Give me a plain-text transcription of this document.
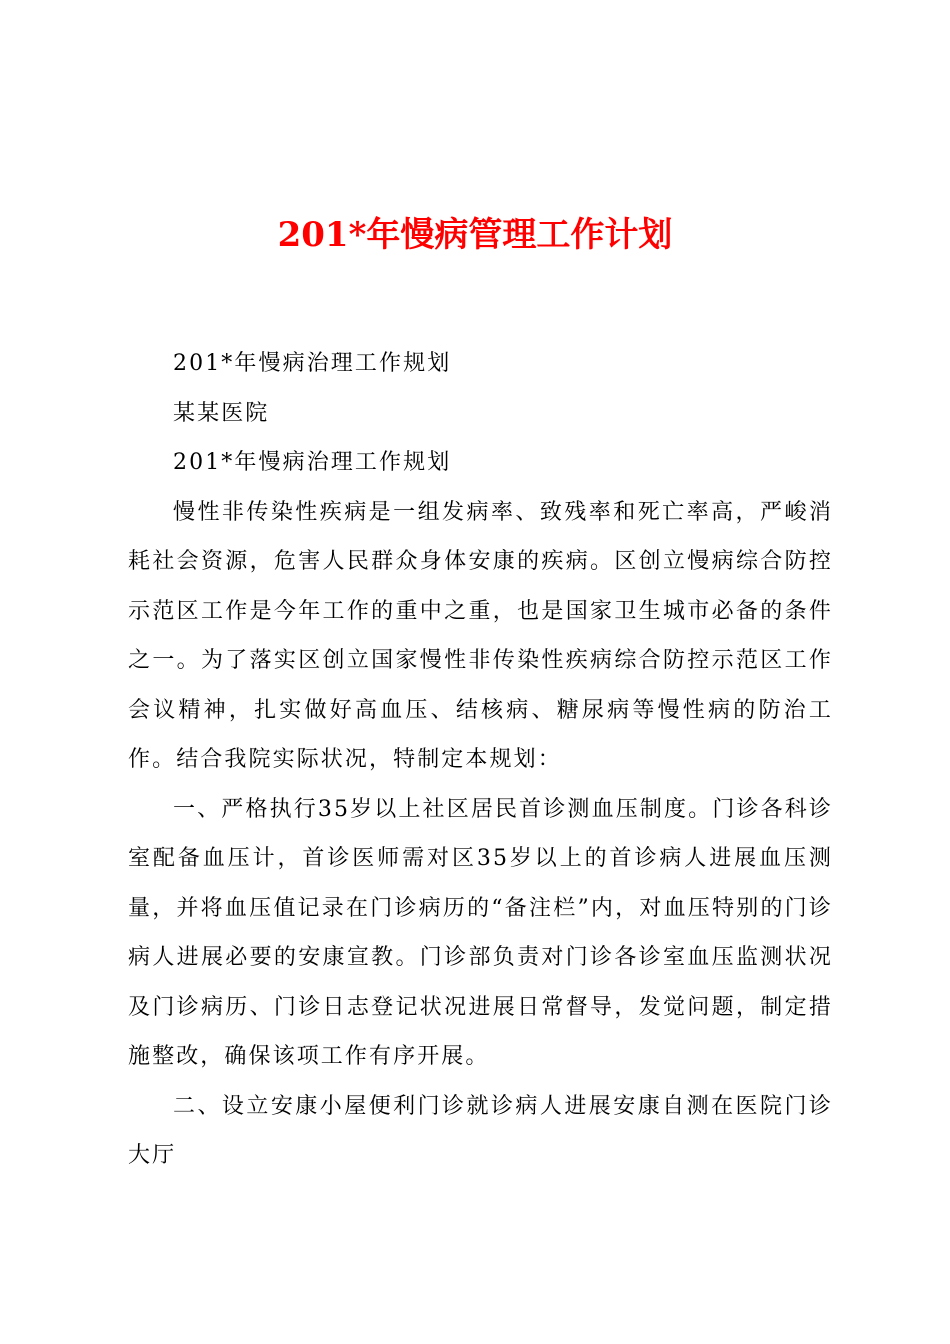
201*年慢病管理工作计划

201*年慢病治理工作规划

某某医院

201*年慢病治理工作规划

慢性非传染性疾病是一组发病率、致残率和死亡率高，严峻消耗社会资源，危害人民群众身体安康的疾病。区创立慢病综合防控示范区工作是今年工作的重中之重，也是国家卫生城市必备的条件之一。为了落实区创立国家慢性非传染性疾病综合防控示范区工作会议精神，扎实做好高血压、结核病、糖尿病等慢性病的防治工作。结合我院实际状况，特制定本规划：

一、严格执行35岁以上社区居民首诊测血压制度。门诊各科诊室配备血压计，首诊医师需对区35岁以上的首诊病人进展血压测量，并将血压值记录在门诊病历的“备注栏”内，对血压特别的门诊病人进展必要的安康宣教。门诊部负责对门诊各诊室血压监测状况及门诊病历、门诊日志登记状况进展日常督导，发觉问题，制定措施整改，确保该项工作有序开展。

二、设立安康小屋便利门诊就诊病人进展安康自测在医院门诊大厅
